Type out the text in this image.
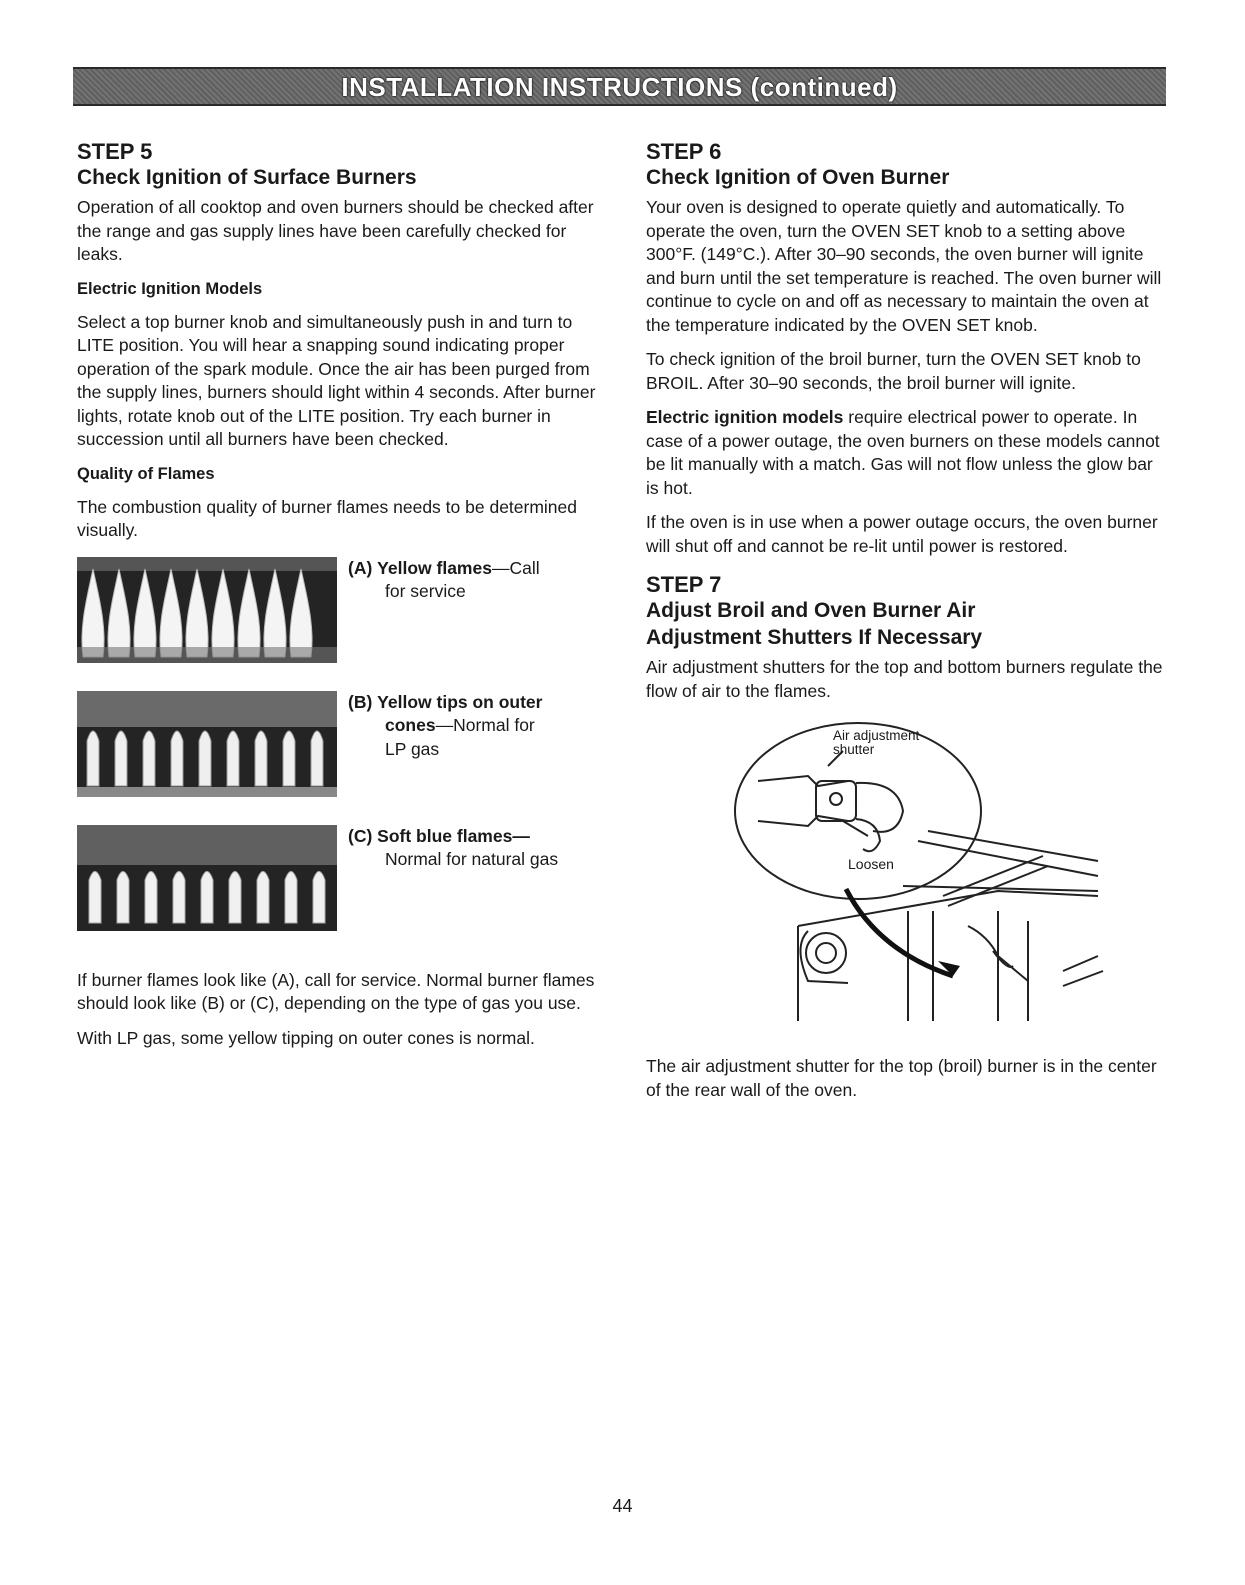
INSTALLATION INSTRUCTIONS (continued)
STEP 5
Check Ignition of Surface Burners

Operation of all cooktop and oven burners should be checked after the range and gas supply lines have been carefully checked for leaks.

Electric Ignition Models

Select a top burner knob and simultaneously push in and turn to LITE position. You will hear a snapping sound indicating proper operation of the spark module. Once the air has been purged from the supply lines, burners should light within 4 seconds. After burner lights, rotate knob out of the LITE position. Try each burner in succession until all burners have been checked.

Quality of Flames

The combustion quality of burner flames needs to be determined visually.

(A) Yellow flames—Call
for service
(B) Yellow tips on outer
cones—Normal for
LP gas
(C) Soft blue flames—
Normal for natural gas

If burner flames look like (A), call for service. Normal burner flames should look like (B) or (C), depending on the type of gas you use.

With LP gas, some yellow tipping on outer cones is normal.

STEP 6
Check Ignition of Oven Burner

Your oven is designed to operate quietly and automatically. To operate the oven, turn the OVEN SET knob to a setting above 300°F. (149°C.). After 30–90 seconds, the oven burner will ignite and burn until the set temperature is reached. The oven burner will continue to cycle on and off as necessary to maintain the oven at the temperature indicated by the OVEN SET knob.

To check ignition of the broil burner, turn the OVEN SET knob to BROIL. After 30–90 seconds, the broil burner will ignite.

Electric ignition models require electrical power to operate. In case of a power outage, the oven burners on these models cannot be lit manually with a match. Gas will not flow unless the glow bar is hot.

If the oven is in use when a power outage occurs, the oven burner will shut off and cannot be re-lit until power is restored.

STEP 7
Adjust Broil and Oven Burner Air
Adjustment Shutters If Necessary

Air adjustment shutters for the top and bottom burners regulate the flow of air to the flames.

Air adjustment shutter
Loosen

The air adjustment shutter for the top (broil) burner is in the center of the rear wall of the oven.

44
